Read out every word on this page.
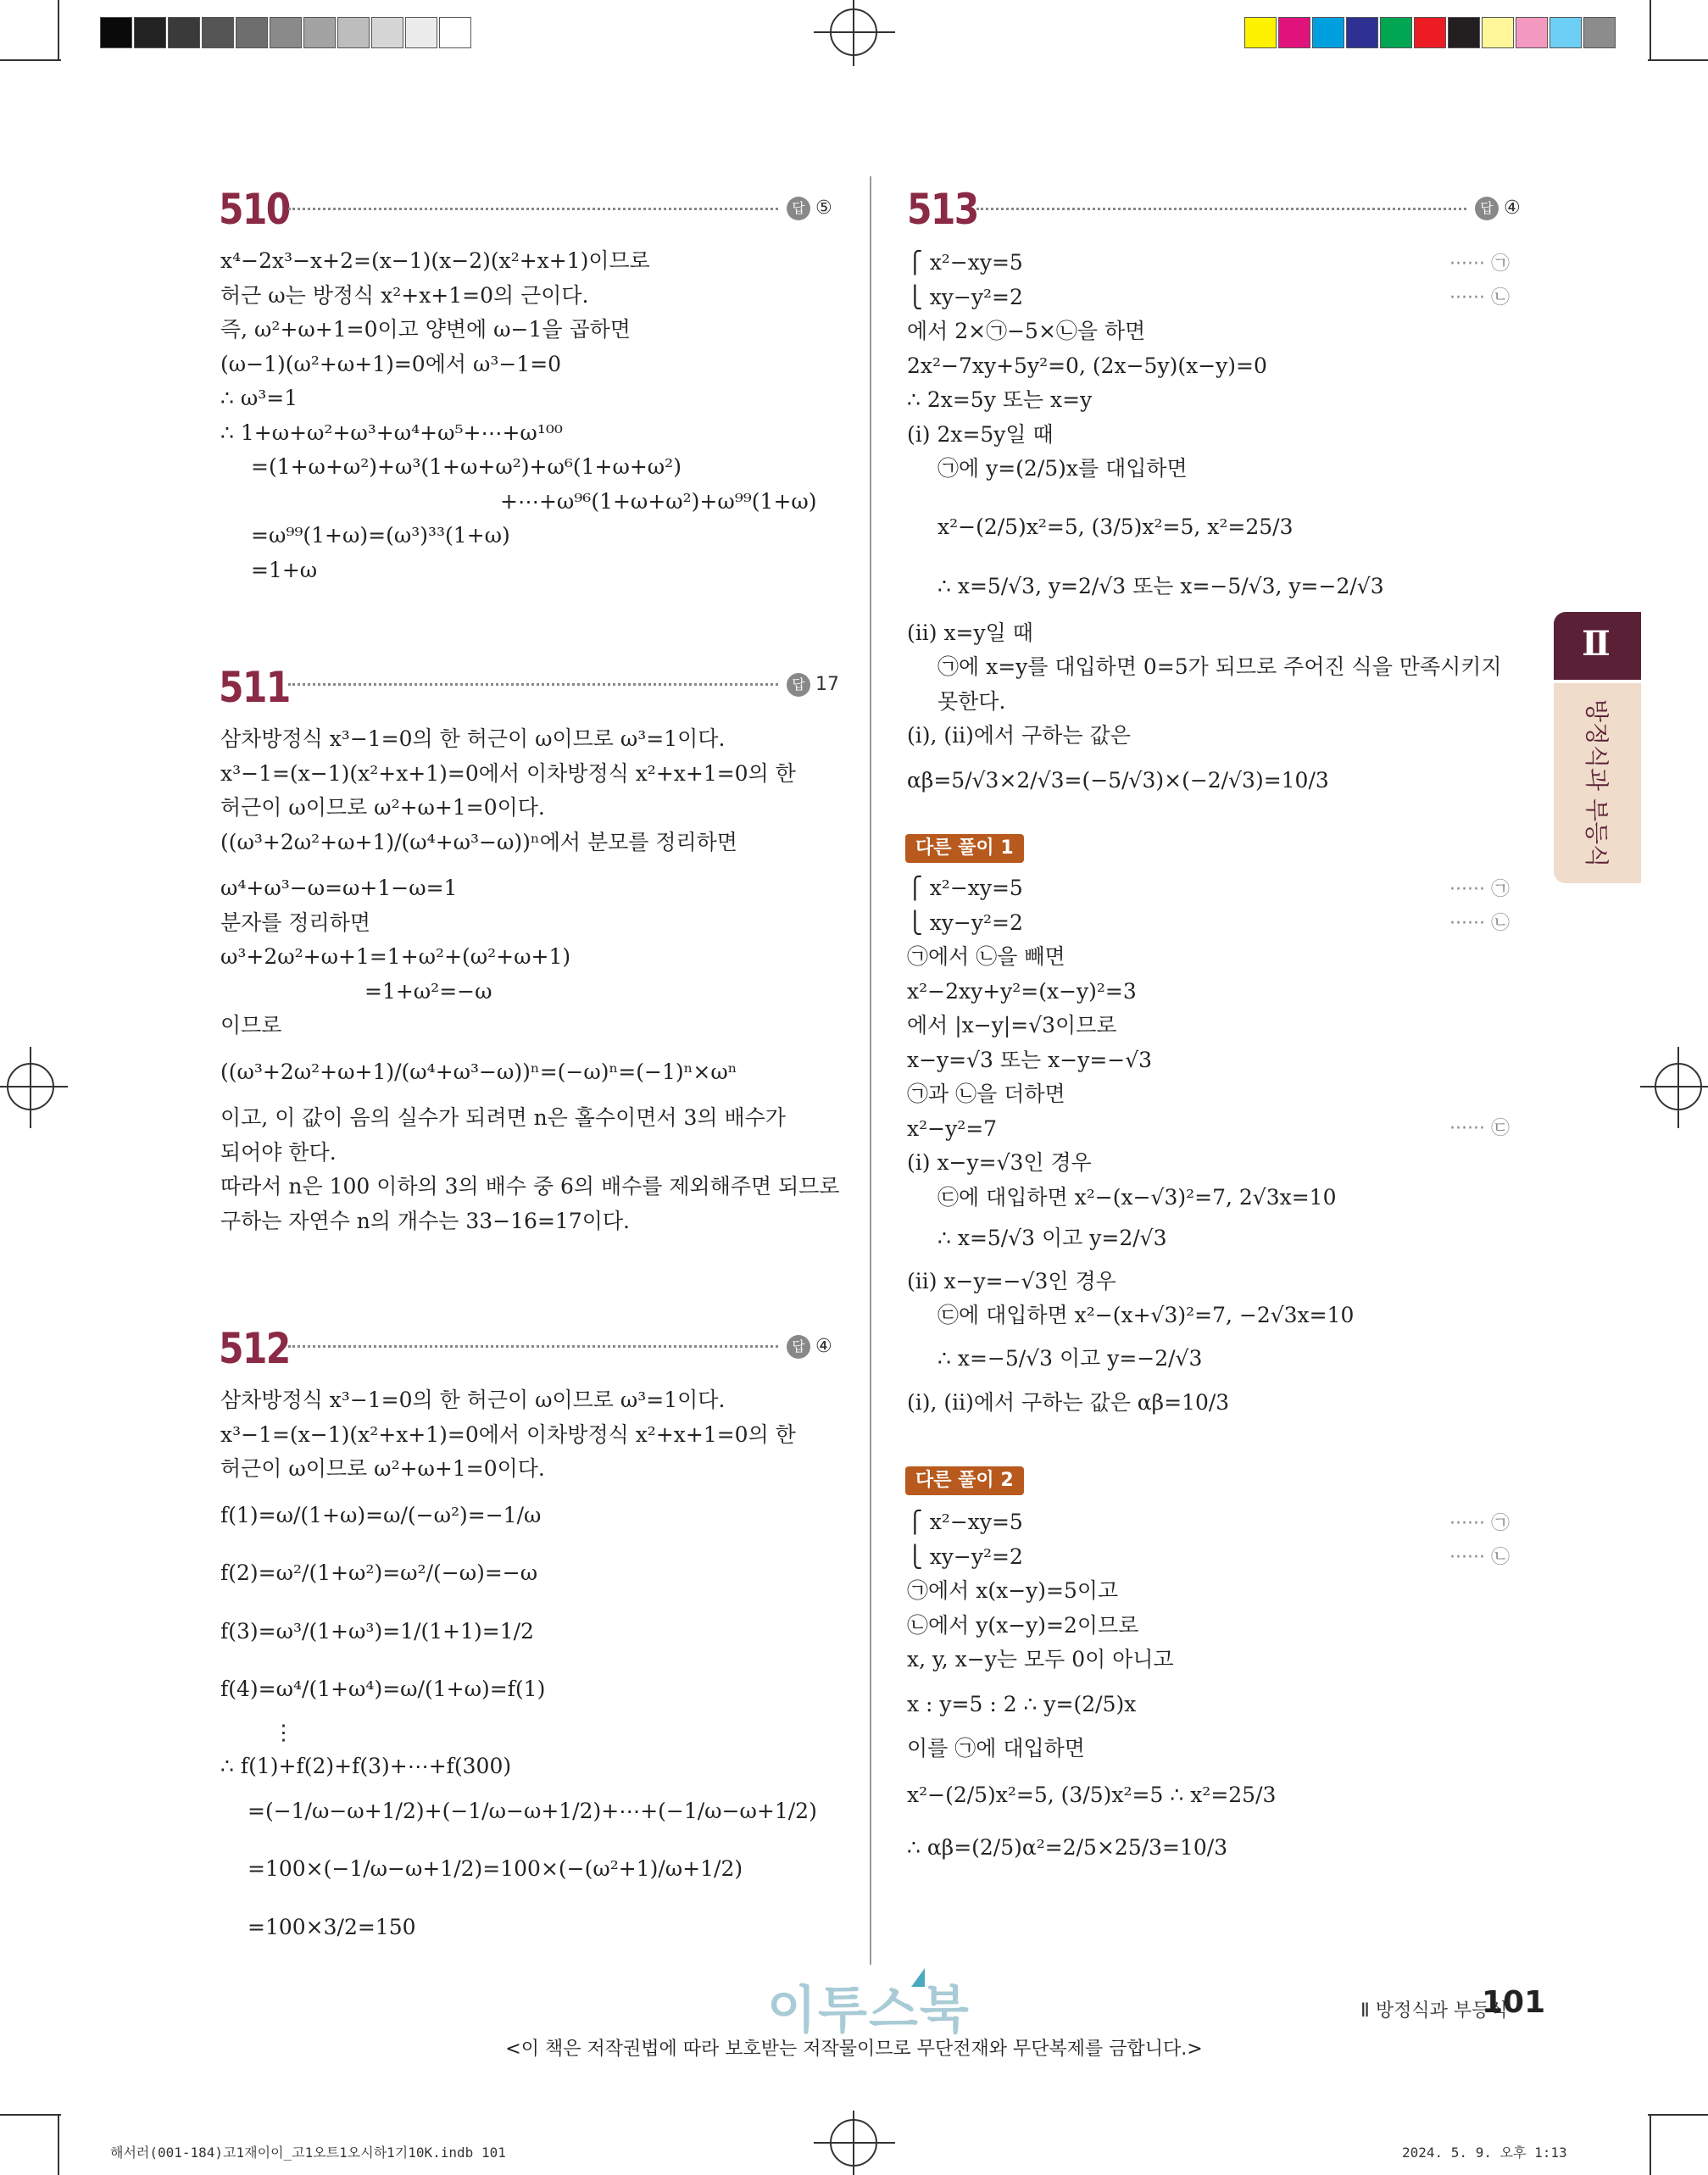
510	답 ⑤
x⁴−2x³−x+2=(x−1)(x−2)(x²+x+1)이므로
허근 ω는 방정식 x²+x+1=0의 근이다.
즉, ω²+ω+1=0이고 양변에 ω−1을 곱하면
(ω−1)(ω²+ω+1)=0에서 ω³−1=0
∴ ω³=1
∴ 1+ω+ω²+ω³+ω⁴+ω⁵+⋯+ω¹⁰⁰
=(1+ω+ω²)+ω³(1+ω+ω²)+ω⁶(1+ω+ω²)
+⋯+ω⁹⁶(1+ω+ω²)+ω⁹⁹(1+ω)
=ω⁹⁹(1+ω)=(ω³)³³(1+ω)
=1+ω
511	답 17
삼차방정식 x³−1=0의 한 허근이 ω이므로 ω³=1이다.
x³−1=(x−1)(x²+x+1)=0에서 이차방정식 x²+x+1=0의 한
허근이 ω이므로 ω²+ω+1=0이다.
((ω³+2ω²+ω+1)/(ω⁴+ω³−ω))ⁿ에서 분모를 정리하면
ω⁴+ω³−ω=ω+1−ω=1
분자를 정리하면
ω³+2ω²+ω+1=1+ω²+(ω²+ω+1)
=1+ω²=−ω
이므로
((ω³+2ω²+ω+1)/(ω⁴+ω³−ω))ⁿ=(−ω)ⁿ=(−1)ⁿ×ωⁿ
이고, 이 값이 음의 실수가 되려면 n은 홀수이면서 3의 배수가
되어야 한다.
따라서 n은 100 이하의 3의 배수 중 6의 배수를 제외해주면 되므로
구하는 자연수 n의 개수는 33−16=17이다.
512	답 ④
삼차방정식 x³−1=0의 한 허근이 ω이므로 ω³=1이다.
x³−1=(x−1)(x²+x+1)=0에서 이차방정식 x²+x+1=0의 한
허근이 ω이므로 ω²+ω+1=0이다.
f(1)=ω/(1+ω)=ω/(−ω²)=−1/ω
f(2)=ω²/(1+ω²)=ω²/(−ω)=−ω
f(3)=ω³/(1+ω³)=1/(1+1)=1/2
f(4)=ω⁴/(1+ω⁴)=ω/(1+ω)=f(1)
⋮
∴ f(1)+f(2)+f(3)+⋯+f(300)
=(−1/ω−ω+1/2)+(−1/ω−ω+1/2)+⋯+(−1/ω−ω+1/2)
=100×(−1/ω−ω+1/2)=100×(−(ω²+1)/ω+1/2)
=100×3/2=150
513	답 ④
⎧ x²−xy=5
⎩ xy−y²=2
에서 2×㉠−5×㉡을 하면
2x²−7xy+5y²=0, (2x−5y)(x−y)=0
∴ 2x=5y 또는 x=y
(ⅰ) 2x=5y일 때
㉠에 y=(2/5)x를 대입하면
x²−(2/5)x²=5, (3/5)x²=5, x²=25/3
∴ x=5/√3, y=2/√3 또는 x=−5/√3, y=−2/√3
(ⅱ) x=y일 때
㉠에 x=y를 대입하면 0=5가 되므로 주어진 식을 만족시키지
못한다.
(ⅰ), (ⅱ)에서 구하는 값은
αβ=5/√3×2/√3=(−5/√3)×(−2/√3)=10/3
······ ㉠
······ ㉡
다른 풀이 1
⎧ x²−xy=5
⎩ xy−y²=2
㉠에서 ㉡을 빼면
x²−2xy+y²=(x−y)²=3
에서 |x−y|=√3이므로
x−y=√3 또는 x−y=−√3
㉠과 ㉡을 더하면
x²−y²=7
(ⅰ) x−y=√3인 경우
㉢에 대입하면 x²−(x−√3)²=7, 2√3x=10
∴ x=5/√3 이고 y=2/√3
(ⅱ) x−y=−√3인 경우
㉢에 대입하면 x²−(x+√3)²=7, −2√3x=10
∴ x=−5/√3 이고 y=−2/√3
(ⅰ), (ⅱ)에서 구하는 값은 αβ=10/3
······ ㉠
······ ㉡
······ ㉢
다른 풀이 2
⎧ x²−xy=5
⎩ xy−y²=2
㉠에서 x(x−y)=5이고
㉡에서 y(x−y)=2이므로
x, y, x−y는 모두 0이 아니고
x : y=5 : 2 ∴ y=(2/5)x
이를 ㉠에 대입하면
x²−(2/5)x²=5, (3/5)x²=5 ∴ x²=25/3
∴ αβ=(2/5)α²=2/5×25/3=10/3
······ ㉠
······ ㉡
Ⅱ
방정식과 부등식
이투스북	Ⅱ 방정식과 부등식
101
<이 책은 저작권법에 따라 보호받는 저작물이므로 무단전재와 무단복제를 금합니다.>
해서러(001-184)고1재이이_고1오트1오시하1기10K.indb 101	2024. 5. 9. 오후 1:13
